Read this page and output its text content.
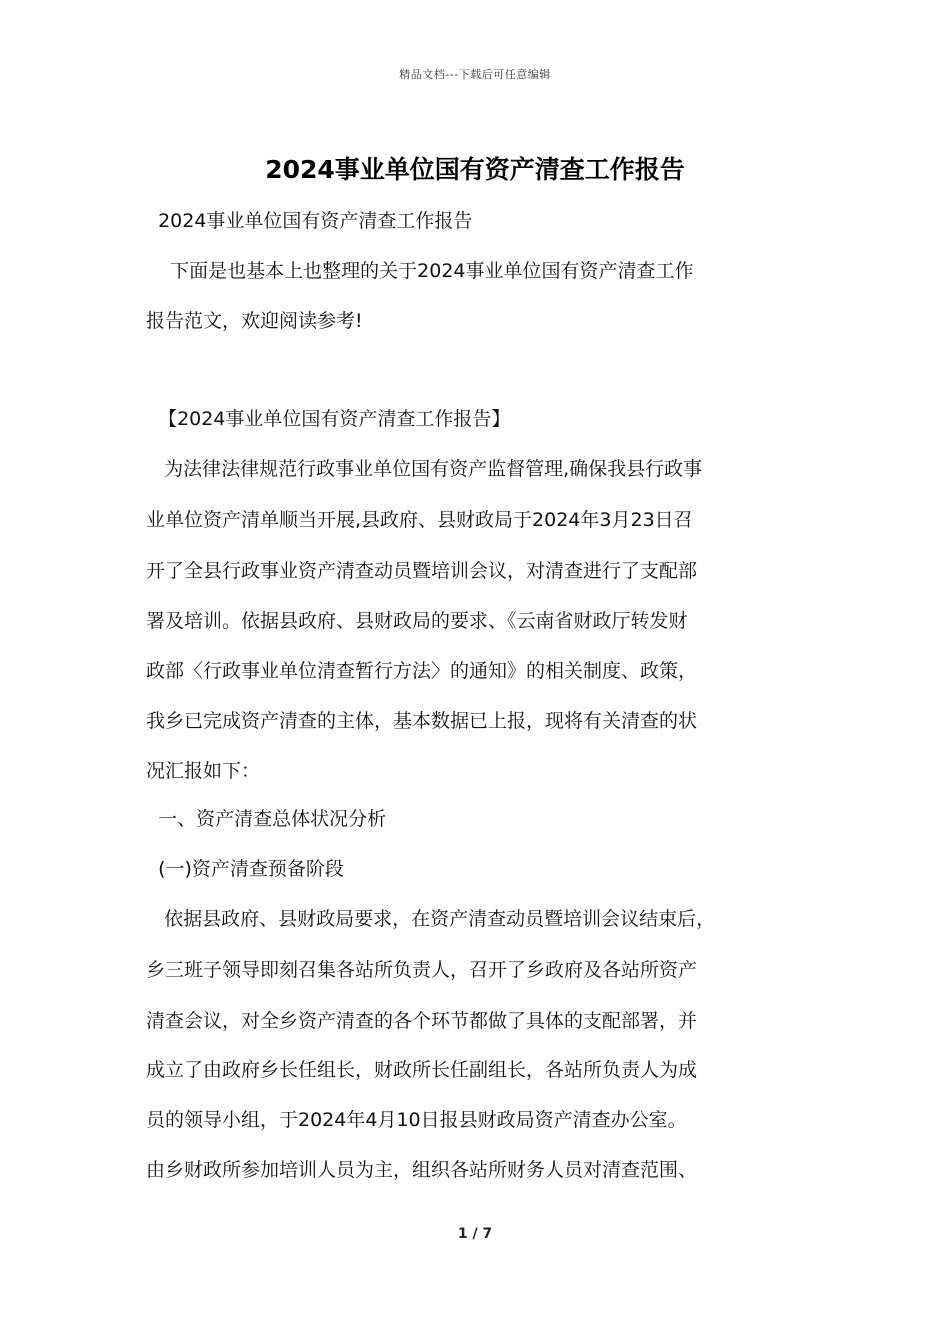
精品文档---下载后可任意编辑
2024事业单位国有资产清查工作报告
2024事业单位国有资产清查工作报告
下面是也基本上也整理的关于2024事业单位国有资产清查工作
报告范文，欢迎阅读参考!
【2024事业单位国有资产清查工作报告】
为法律法律规范行政事业单位国有资产监督管理,确保我县行政事
业单位资产清单顺当开展,县政府、县财政局于2024年3月23日召
开了全县行政事业资产清查动员暨培训会议，对清查进行了支配部
署及培训。依据县政府、县财政局的要求、《云南省财政厅转发财
政部〈行政事业单位清查暂行方法〉的通知》的相关制度、政策，
我乡已完成资产清查的主体，基本数据已上报，现将有关清查的状
况汇报如下：
一、资产清查总体状况分析
(一)资产清查预备阶段
依据县政府、县财政局要求，在资产清查动员暨培训会议结束后，
乡三班子领导即刻召集各站所负责人，召开了乡政府及各站所资产
清查会议，对全乡资产清查的各个环节都做了具体的支配部署，并
成立了由政府乡长任组长，财政所长任副组长，各站所负责人为成
员的领导小组，于2024年4月10日报县财政局资产清查办公室。
由乡财政所参加培训人员为主，组织各站所财务人员对清查范围、
1 / 7
